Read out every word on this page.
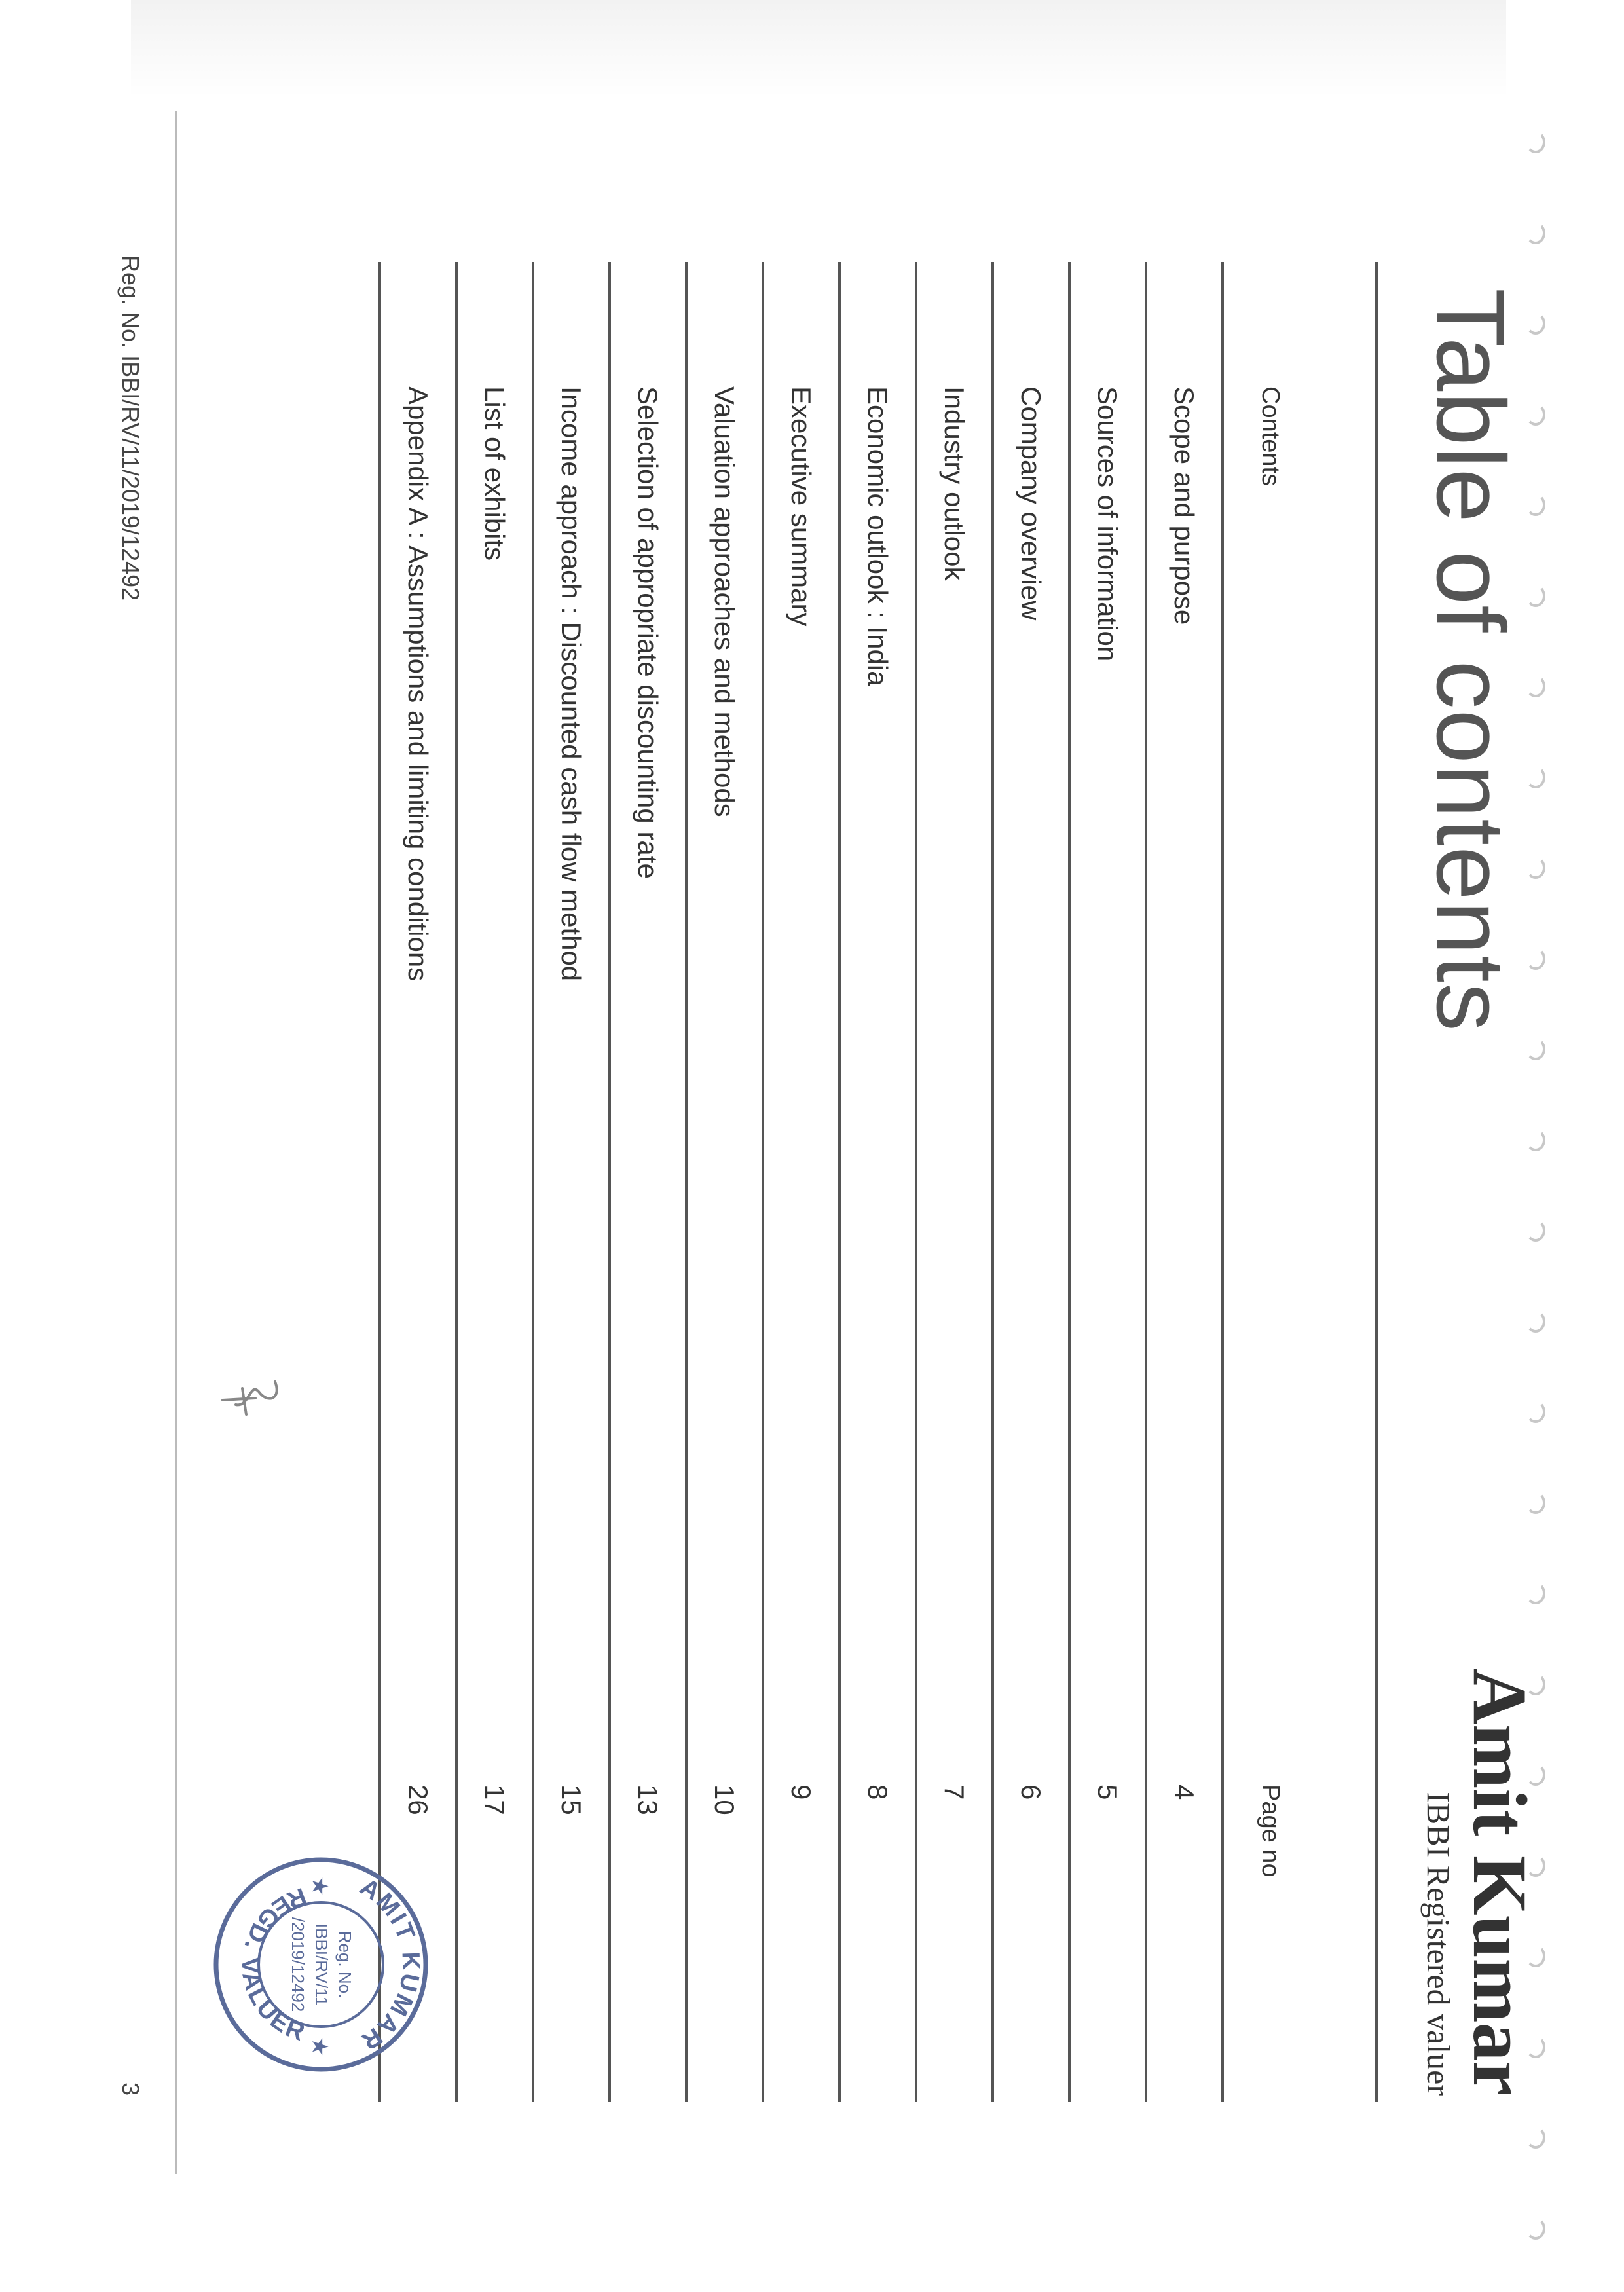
Table of contents
Amit Kumar
IBBI Registered valuer
Contents
Page no
Scope and purpose
4
Sources of information
5
Company overview
6
Industry outlook
7
Economic outlook : India
8
Executive summary
9
Valuation approaches and methods
10
Selection of appropriate discounting rate
13
Income approach : Discounted cash flow method
15
List of exhibits
17
Appendix A : Assumptions and limiting conditions
26
AMIT KUMAR
REGD. VALUER
★
★
Reg. No.
IBBI/RV/11
/2019/12492
Reg. No. IBBI/RV/11/2019/12492
3
